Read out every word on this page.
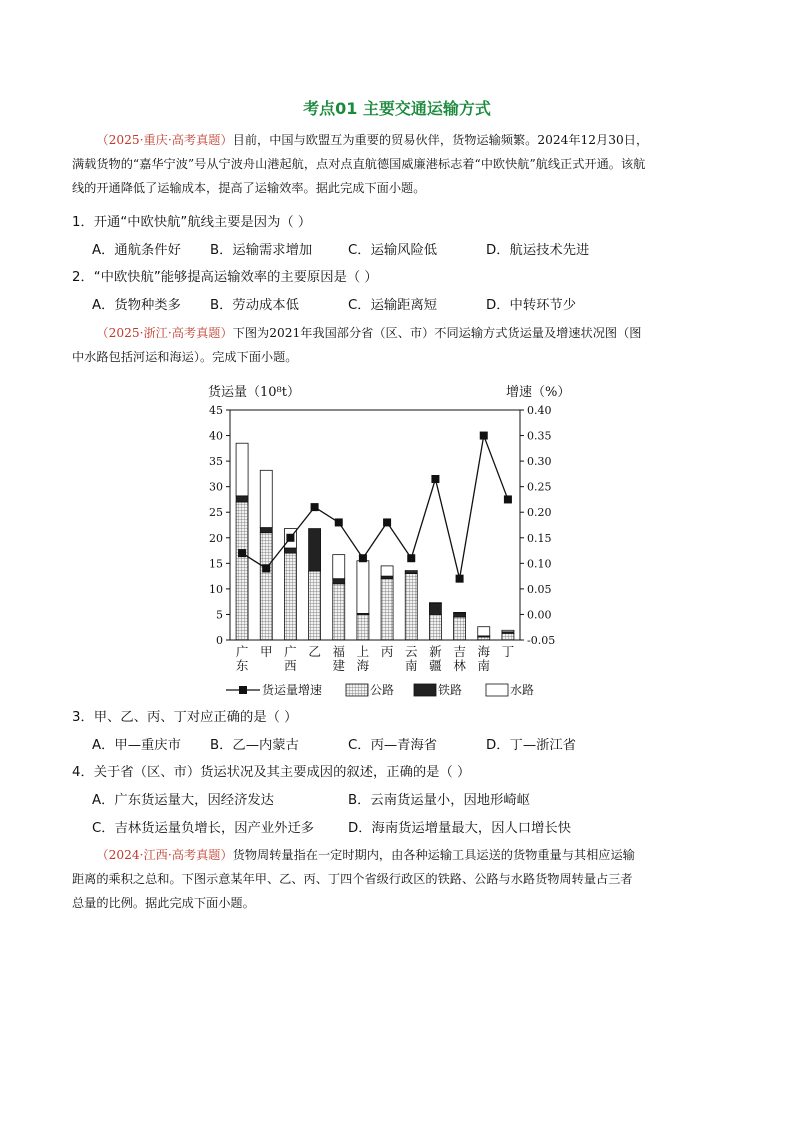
考点01 主要交通运输方式
（2025·重庆·高考真题）目前，中国与欧盟互为重要的贸易伙伴，货物运输频繁。2024年12月30日，
满载货物的“嘉华宁波”号从宁波舟山港起航，点对点直航德国威廉港标志着“中欧快航”航线正式开通。该航
线的开通降低了运输成本，提高了运输效率。据此完成下面小题。
1．开通“中欧快航”航线主要是因为（ ）
A．通航条件好 B．运输需求增加	C．运输风险低	D．航运技术先进
2．“中欧快航”能够提高运输效率的主要原因是（ ）
A．货物种类多 B．劳动成本低	C．运输距离短	D．中转环节少
（2025·浙江·高考真题）下图为2021年我国部分省（区、市）不同运输方式货运量及增速状况图（图
中水路包括河运和海运）。完成下面小题。
货运量（10⁸t）	增速（%）
0
5
10
15
20
25
30
35
40
45
-0.05
0.00
0.05
0.10
0.15
0.20
0.25
0.30
0.35
0.40
广
东
甲 广
西
乙 福
建
上
海
丙 云
南
新
疆
吉
林
海
南
丁
货运量增速	公路	铁路	水路
3．甲、乙、丙、丁对应正确的是（ ）
A．甲—重庆市 B．乙—内蒙古	C．丙—青海省	D．丁—浙江省
4．关于省（区、市）货运状况及其主要成因的叙述，正确的是（ ）
A．广东货运量大，因经济发达	B．云南货运量小，因地形崎岖
C．吉林货运量负增长，因产业外迁多	D．海南货运增量最大，因人口增长快
（2024·江西·高考真题）货物周转量指在一定时期内，由各种运输工具运送的货物重量与其相应运输
距离的乘积之总和。下图示意某年甲、乙、丙、丁四个省级行政区的铁路、公路与水路货物周转量占三者
总量的比例。据此完成下面小题。
